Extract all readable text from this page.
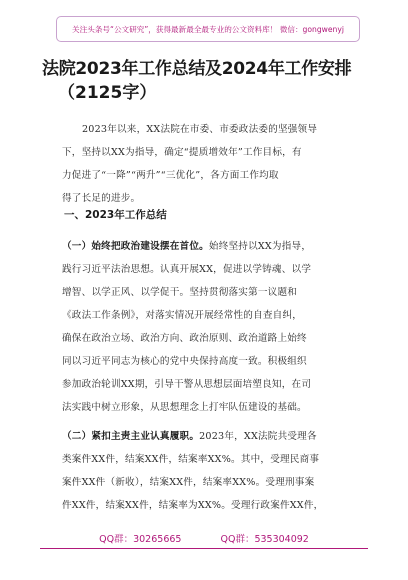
关注头条号“公文研究”，获得最新最全最专业的公文资料库！ 微信：gongwenyj
法院2023年工作总结及2024年工作安排
（2125字）
2023年以来，XX法院在市委、市委政法委的坚强领导
下，坚持以XX为指导，确定“提质增效年”工作目标，有
力促进了“一降”“两升”“三优化”，各方面工作均取
得了长足的进步。
一、2023年工作总结
（一）始终把政治建设摆在首位。始终坚持以XX为指导，
践行习近平法治思想。认真开展XX，促进以学铸魂、以学
增智、以学正风、以学促干。坚持贯彻落实第一议题和
《政法工作条例》，对落实情况开展经常性的自查自纠，
确保在政治立场、政治方向、政治原则、政治道路上始终
同以习近平同志为核心的党中央保持高度一致。积极组织
参加政治轮训XX期，引导干警从思想层面培塑良知，在司
法实践中树立形象，从思想理念上打牢队伍建设的基础。
（二）紧扣主责主业认真履职。2023年，XX法院共受理各
类案件XX件，结案XX件，结案率XX%。其中，受理民商事
案件XX件（新收），结案XX件，结案率XX%。受理刑事案
件XX件，结案XX件，结案率为XX%。受理行政案件XX件，
QQ群：30265665	QQ群：535304092
